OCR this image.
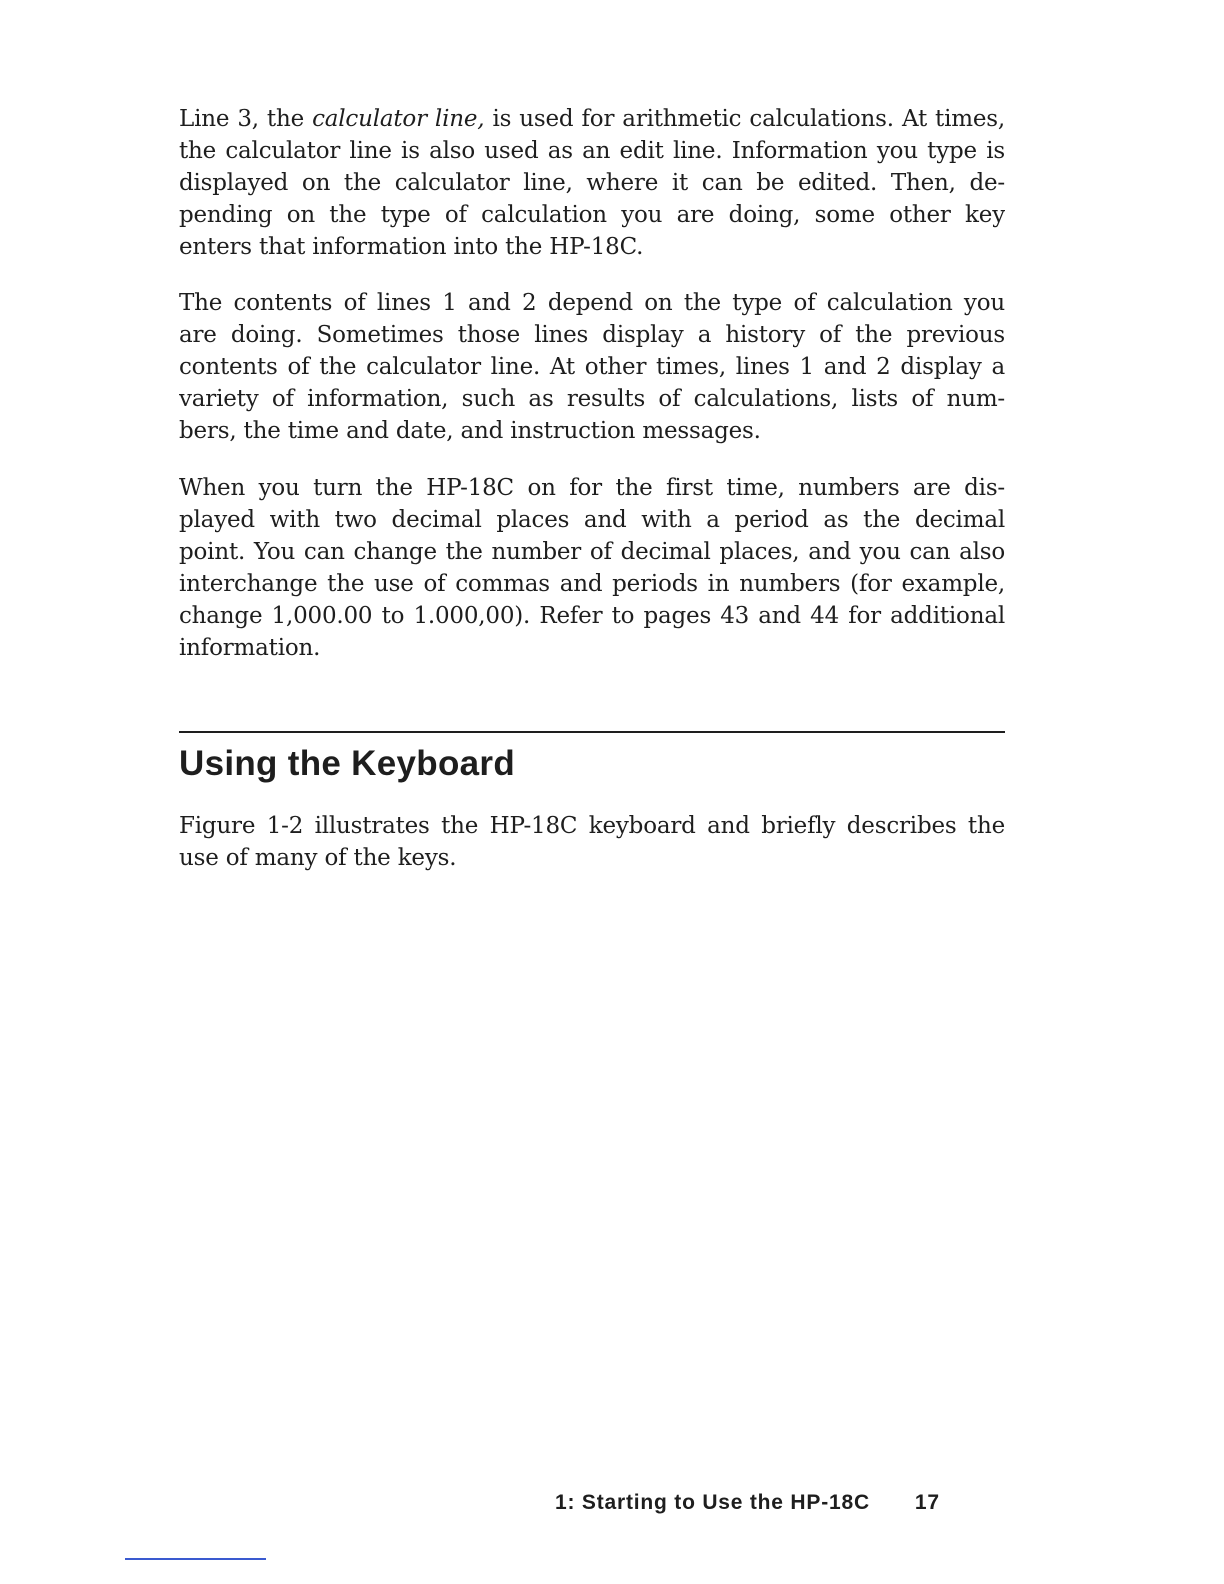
Line 3, the calculator line, is used for arithmetic calculations. At times,
the calculator line is also used as an edit line. Information you type is
displayed on the calculator line, where it can be edited. Then, de-
pending on the type of calculation you are doing, some other key
enters that information into the HP-18C.

The contents of lines 1 and 2 depend on the type of calculation you
are doing. Sometimes those lines display a history of the previous
contents of the calculator line. At other times, lines 1 and 2 display a
variety of information, such as results of calculations, lists of num-
bers, the time and date, and instruction messages.

When you turn the HP-18C on for the first time, numbers are dis-
played with two decimal places and with a period as the decimal
point. You can change the number of decimal places, and you can also
interchange the use of commas and periods in numbers (for example,
change 1,000.00 to 1.000,00). Refer to pages 43 and 44 for additional
information.

Using the Keyboard

Figure 1-2 illustrates the HP-18C keyboard and briefly describes the
use of many of the keys.

1: Starting to Use the HP-18C 17
